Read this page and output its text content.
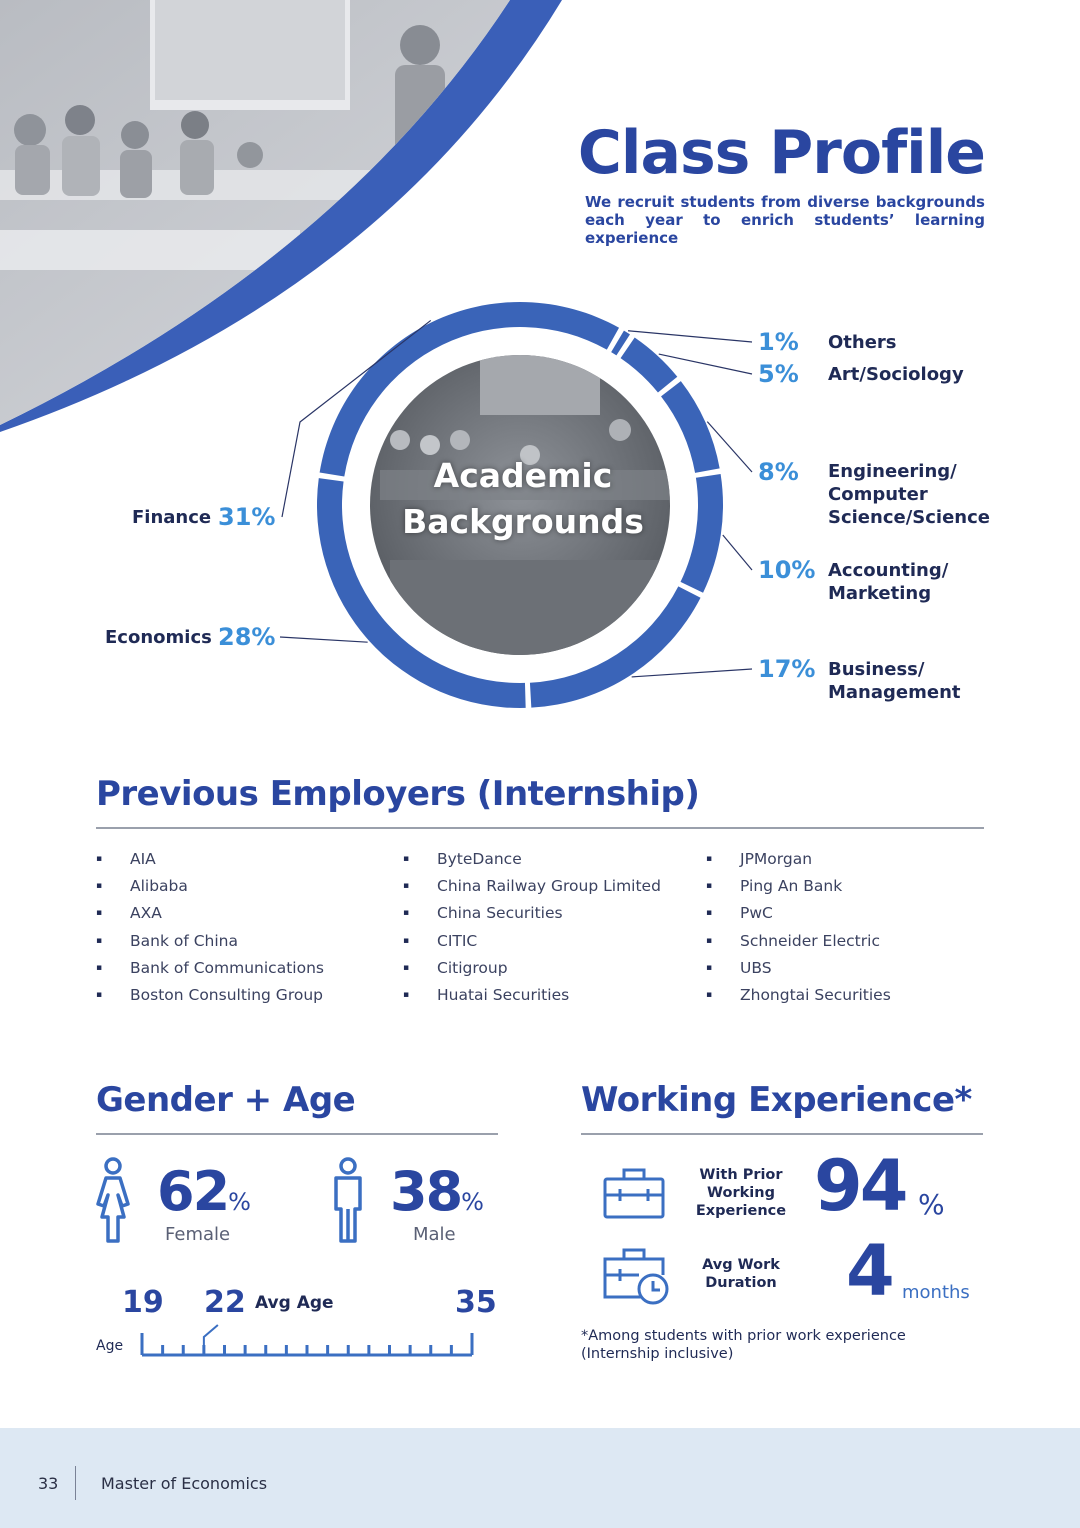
Class Profile
We recruit students from diverse backgrounds each year to enrich students’ learning experience
Academic Backgrounds
1% Others
5% Art/Sociology
8% Engineering/
Computer
Science/Science
10% Accounting/
Marketing
17% Business/
Management
Finance 31%
Economics 28%
Previous Employers (Internship)
▪ AIA
▪ Alibaba
▪ AXA
▪ Bank of China
▪ Bank of Communications
▪ Boston Consulting Group
▪ ByteDance
▪ China Railway Group Limited
▪ China Securities
▪ CITIC
▪ Citigroup
▪ Huatai Securities
▪ JPMorgan
▪ Ping An Bank
▪ PwC
▪ Schneider Electric
▪ UBS
▪ Zhongtai Securities
Gender + Age
62%
Female
38%
Male
19 22 Avg Age	35
Age
Working Experience*
With Prior
Working
Experience 94 %
Avg Work
Duration 4 months
*Among students with prior work experience
(Internship inclusive)
33	Master of Economics
